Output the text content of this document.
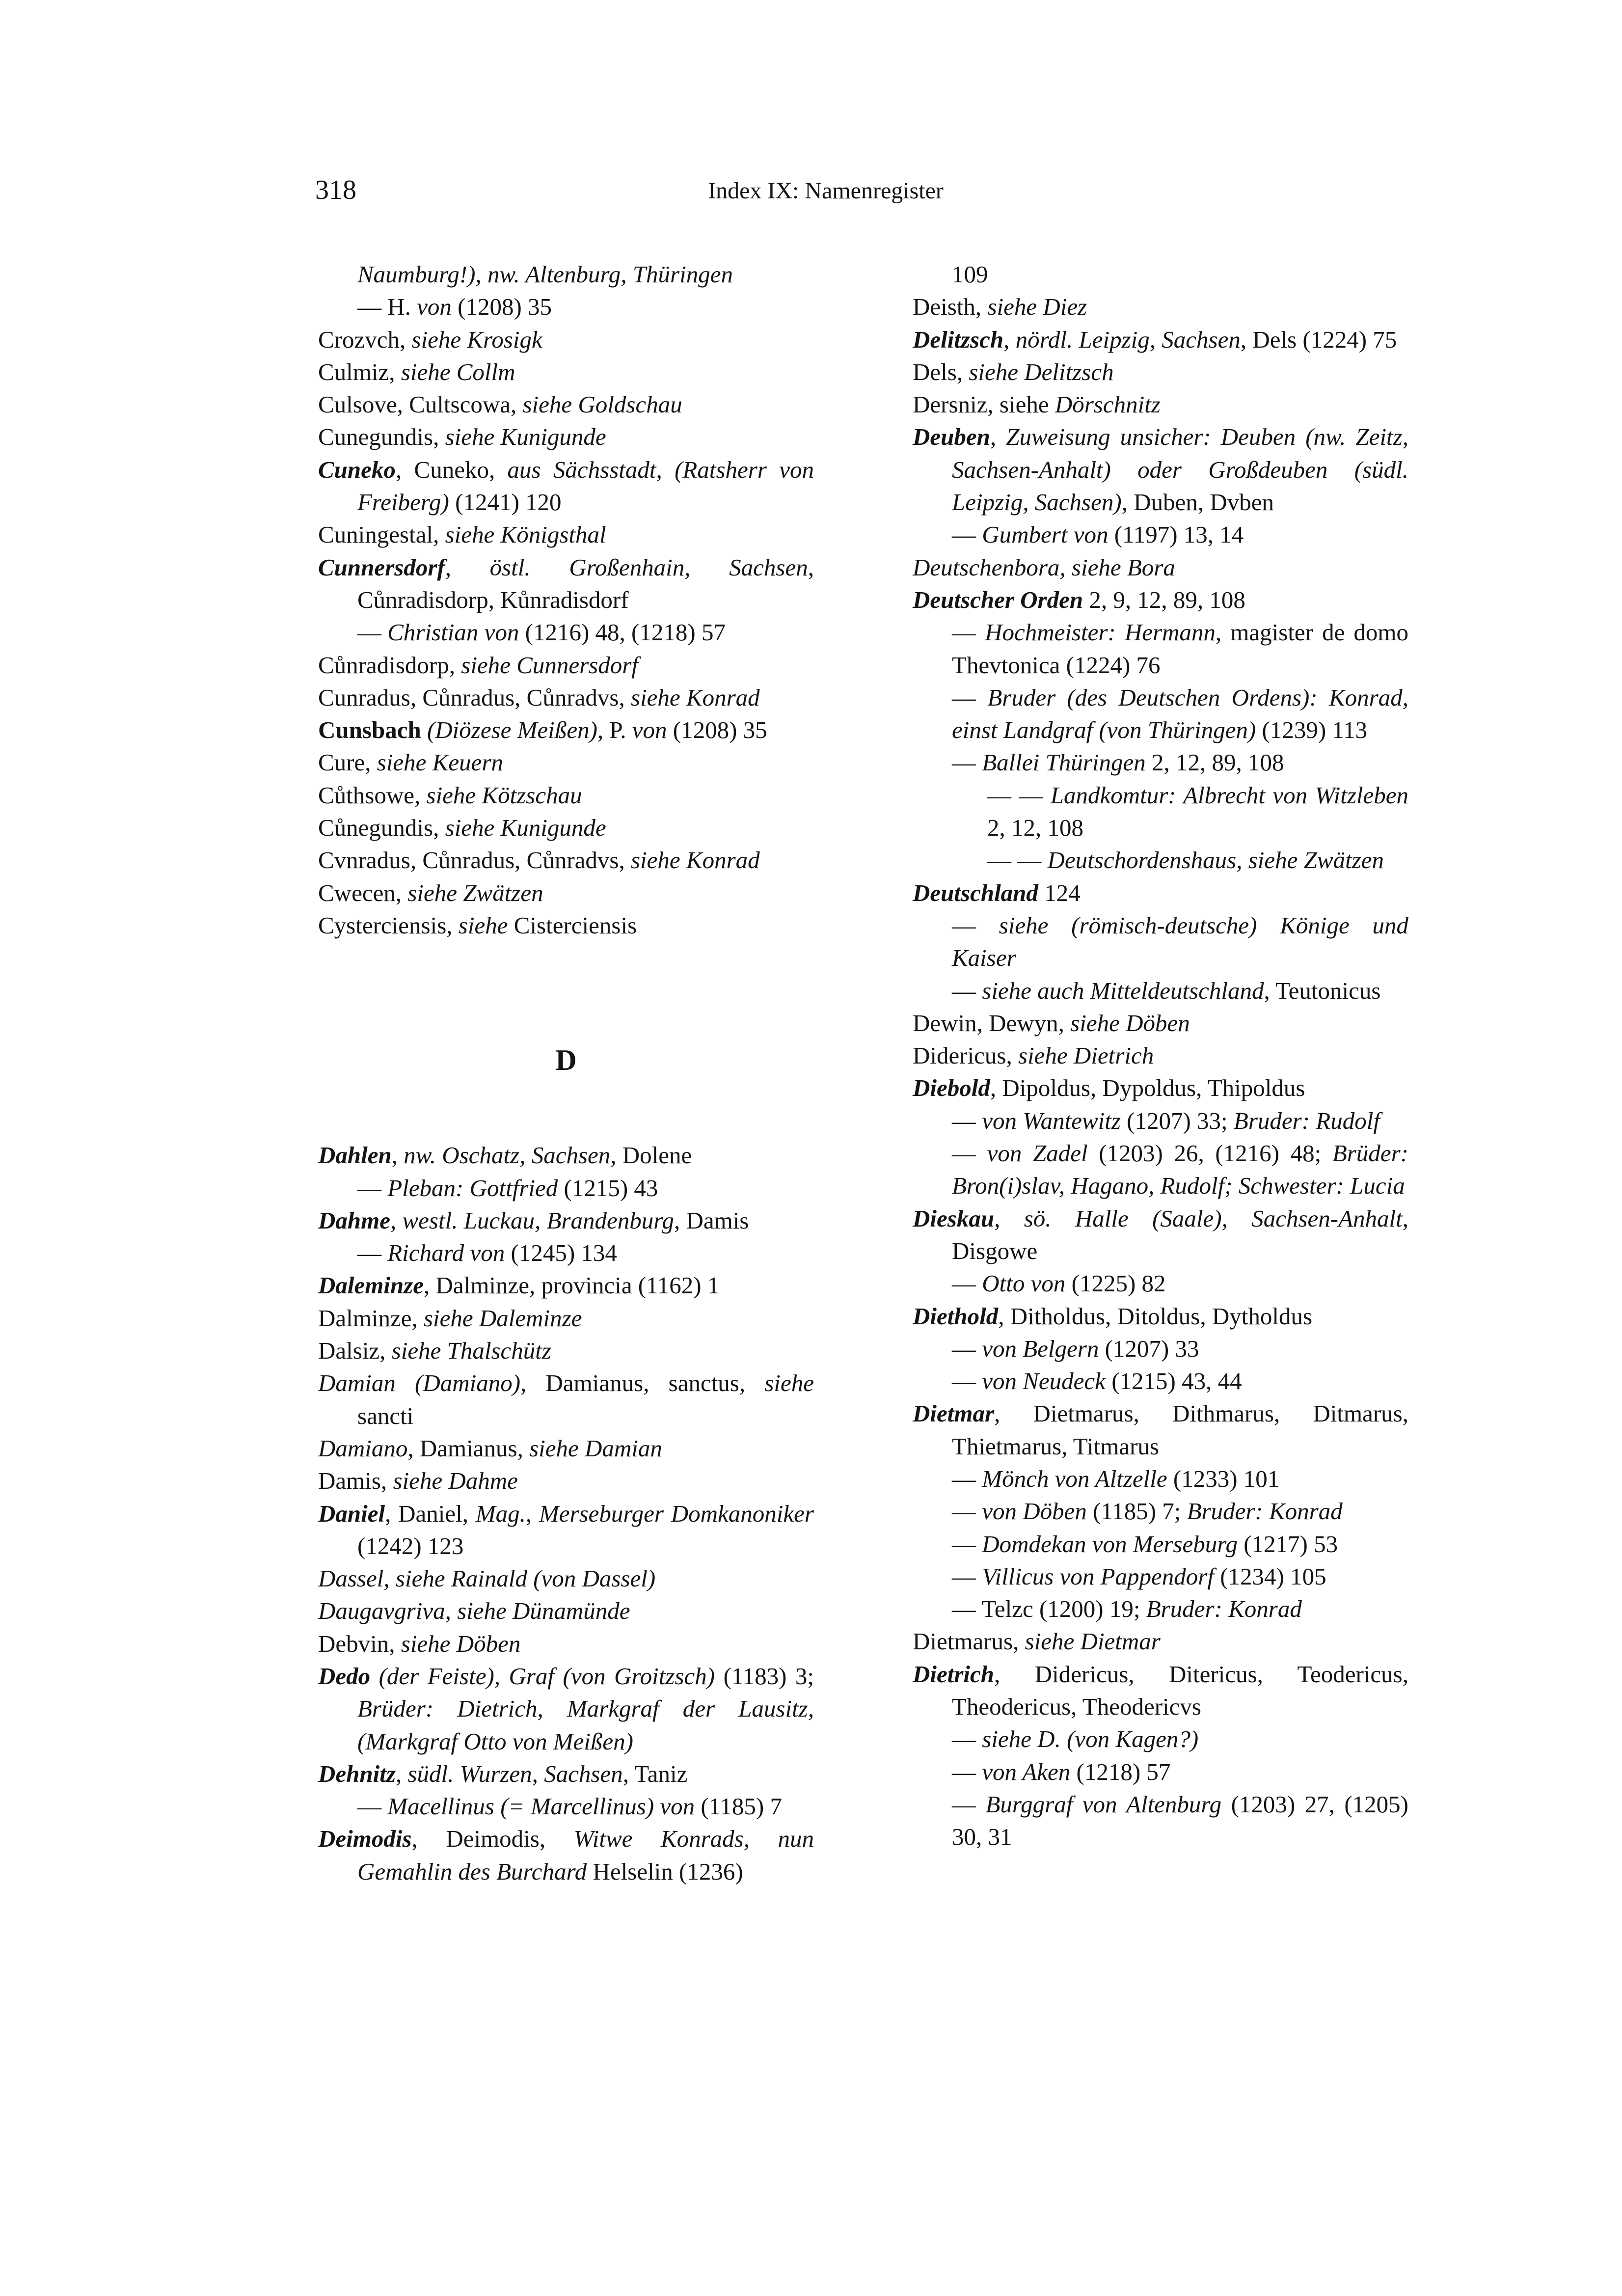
318	Index IX: Namenregister
Naumburg!), nw. Altenburg, Thüringen
— H. von (1208) 35
Crozvch, siehe Krosigk
Culmiz, siehe Collm
Culsove, Cultscowa, siehe Goldschau
Cunegundis, siehe Kunigunde
Cuneko, Cuneko, aus Sächsstadt, (Ratsherr von Freiberg) (1241) 120
Cuningestal, siehe Königsthal
Cunnersdorf, östl. Großenhain, Sachsen, Cůnradisdorp, Kůnradisdorf
— Christian von (1216) 48, (1218) 57
Cůnradisdorp, siehe Cunnersdorf
Cunradus, Cůnradus, Cůnradvs, siehe Konrad
Cunsbach (Diözese Meißen), P. von (1208) 35
Cure, siehe Keuern
Cůthsowe, siehe Kötzschau
Cůnegundis, siehe Kunigunde
Cvnradus, Cůnradus, Cůnradvs, siehe Konrad
Cwecen, siehe Zwätzen
Cysterciensis, siehe Cisterciensis
D
Dahlen, nw. Oschatz, Sachsen, Dolene
— Pleban: Gottfried (1215) 43
Dahme, westl. Luckau, Brandenburg, Damis
— Richard von (1245) 134
Daleminze, Dalminze, provincia (1162) 1
Dalminze, siehe Daleminze
Dalsiz, siehe Thalschütz
Damian (Damiano), Damianus, sanctus, siehe sancti
Damiano, Damianus, siehe Damian
Damis, siehe Dahme
Daniel, Daniel, Mag., Merseburger Domkanoniker (1242) 123
Dassel, siehe Rainald (von Dassel)
Daugavgriva, siehe Dünamünde
Debvin, siehe Döben
Dedo (der Feiste), Graf (von Groitzsch) (1183) 3; Brüder: Dietrich, Markgraf der Lausitz, (Markgraf Otto von Meißen)
Dehnitz, südl. Wurzen, Sachsen, Taniz
— Macellinus (= Marcellinus) von (1185) 7
Deimodis, Deimodis, Witwe Konrads, nun Gemahlin des Burchard Helselin (1236)
109
Deisth, siehe Diez
Delitzsch, nördl. Leipzig, Sachsen, Dels (1224) 75
Dels, siehe Delitzsch
Dersniz, siehe Dörschnitz
Deuben, Zuweisung unsicher: Deuben (nw. Zeitz, Sachsen-Anhalt) oder Großdeuben (südl. Leipzig, Sachsen), Duben, Dvben
— Gumbert von (1197) 13, 14
Deutschenbora, siehe Bora
Deutscher Orden 2, 9, 12, 89, 108
— Hochmeister: Hermann, magister de domo Thevtonica (1224) 76
— Bruder (des Deutschen Ordens): Konrad, einst Landgraf (von Thüringen) (1239) 113
— Ballei Thüringen 2, 12, 89, 108
— — Landkomtur: Albrecht von Witzleben 2, 12, 108
— — Deutschordenshaus, siehe Zwätzen
Deutschland 124
— siehe (römisch-deutsche) Könige und Kaiser
— siehe auch Mitteldeutschland, Teutonicus
Dewin, Dewyn, siehe Döben
Didericus, siehe Dietrich
Diebold, Dipoldus, Dypoldus, Thipoldus
— von Wantewitz (1207) 33; Bruder: Rudolf
— von Zadel (1203) 26, (1216) 48; Brüder: Bron(i)slav, Hagano, Rudolf; Schwester: Lucia
Dieskau, sö. Halle (Saale), Sachsen-Anhalt, Disgowe
— Otto von (1225) 82
Diethold, Ditholdus, Ditoldus, Dytholdus
— von Belgern (1207) 33
— von Neudeck (1215) 43, 44
Dietmar, Dietmarus, Dithmarus, Ditmarus, Thietmarus, Titmarus
— Mönch von Altzelle (1233) 101
— von Döben (1185) 7; Bruder: Konrad
— Domdekan von Merseburg (1217) 53
— Villicus von Pappendorf (1234) 105
— Telzc (1200) 19; Bruder: Konrad
Dietmarus, siehe Dietmar
Dietrich, Didericus, Ditericus, Teodericus, Theodericus, Theodericvs
— siehe D. (von Kagen?)
— von Aken (1218) 57
— Burggraf von Altenburg (1203) 27, (1205) 30, 31
